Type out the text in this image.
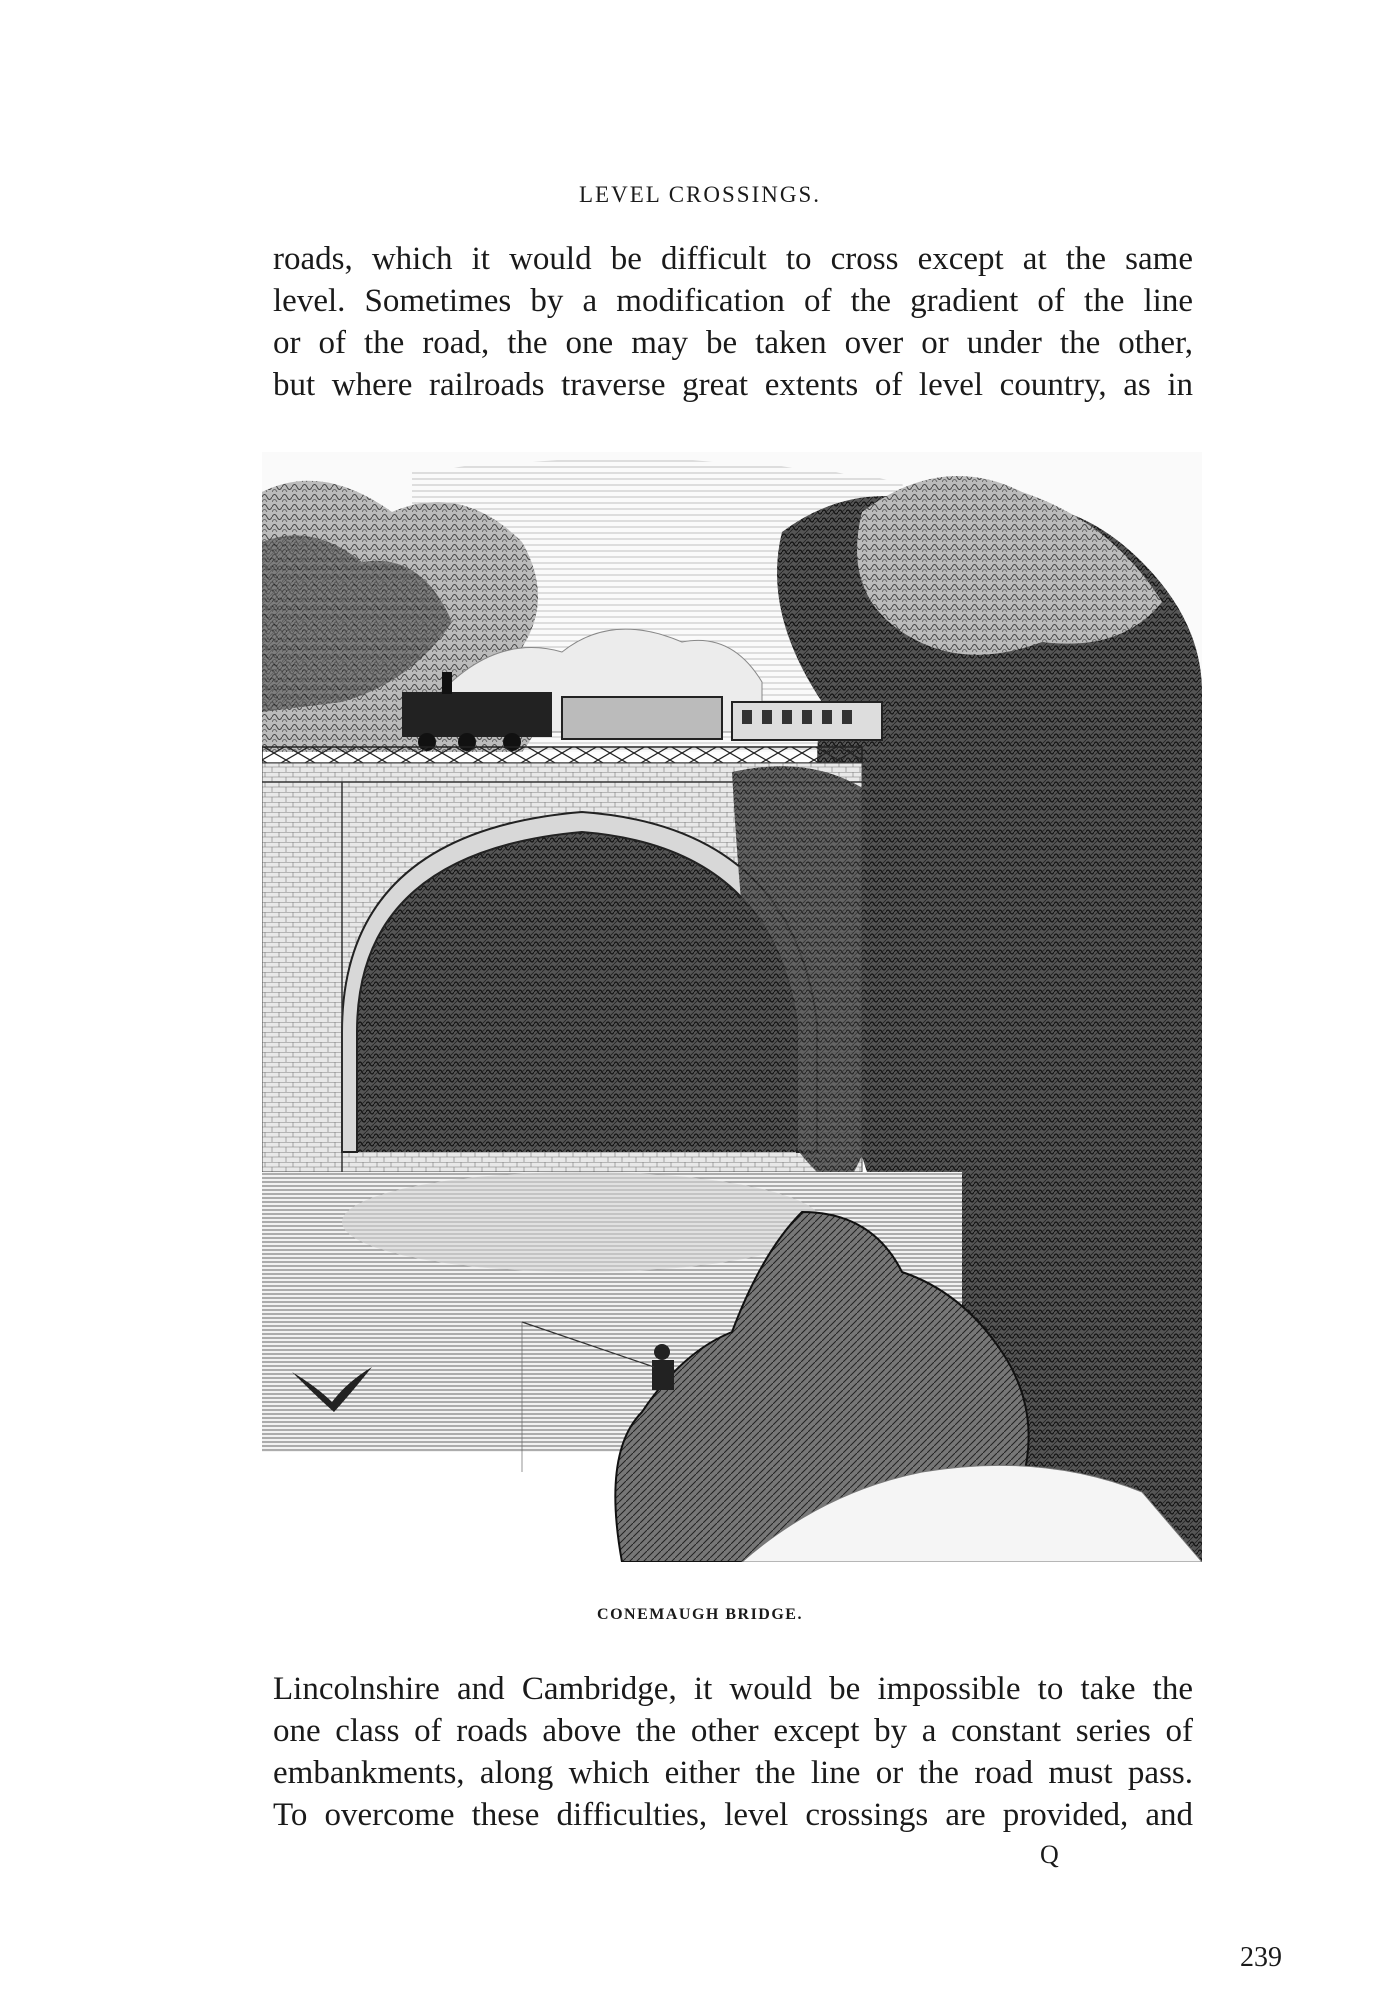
LEVEL CROSSINGS.
roads, which it would be difficult to cross except at the same
level. Sometimes by a modification of the gradient of the line
or of the road, the one may be taken over or under the other,
but where railroads traverse great extents of level country, as in
CONEMAUGH BRIDGE.
Lincolnshire and Cambridge, it would be impossible to take the
one class of roads above the other except by a constant series of
embankments, along which either the line or the road must pass.
To overcome these difficulties, level crossings are provided, and
Q
239
